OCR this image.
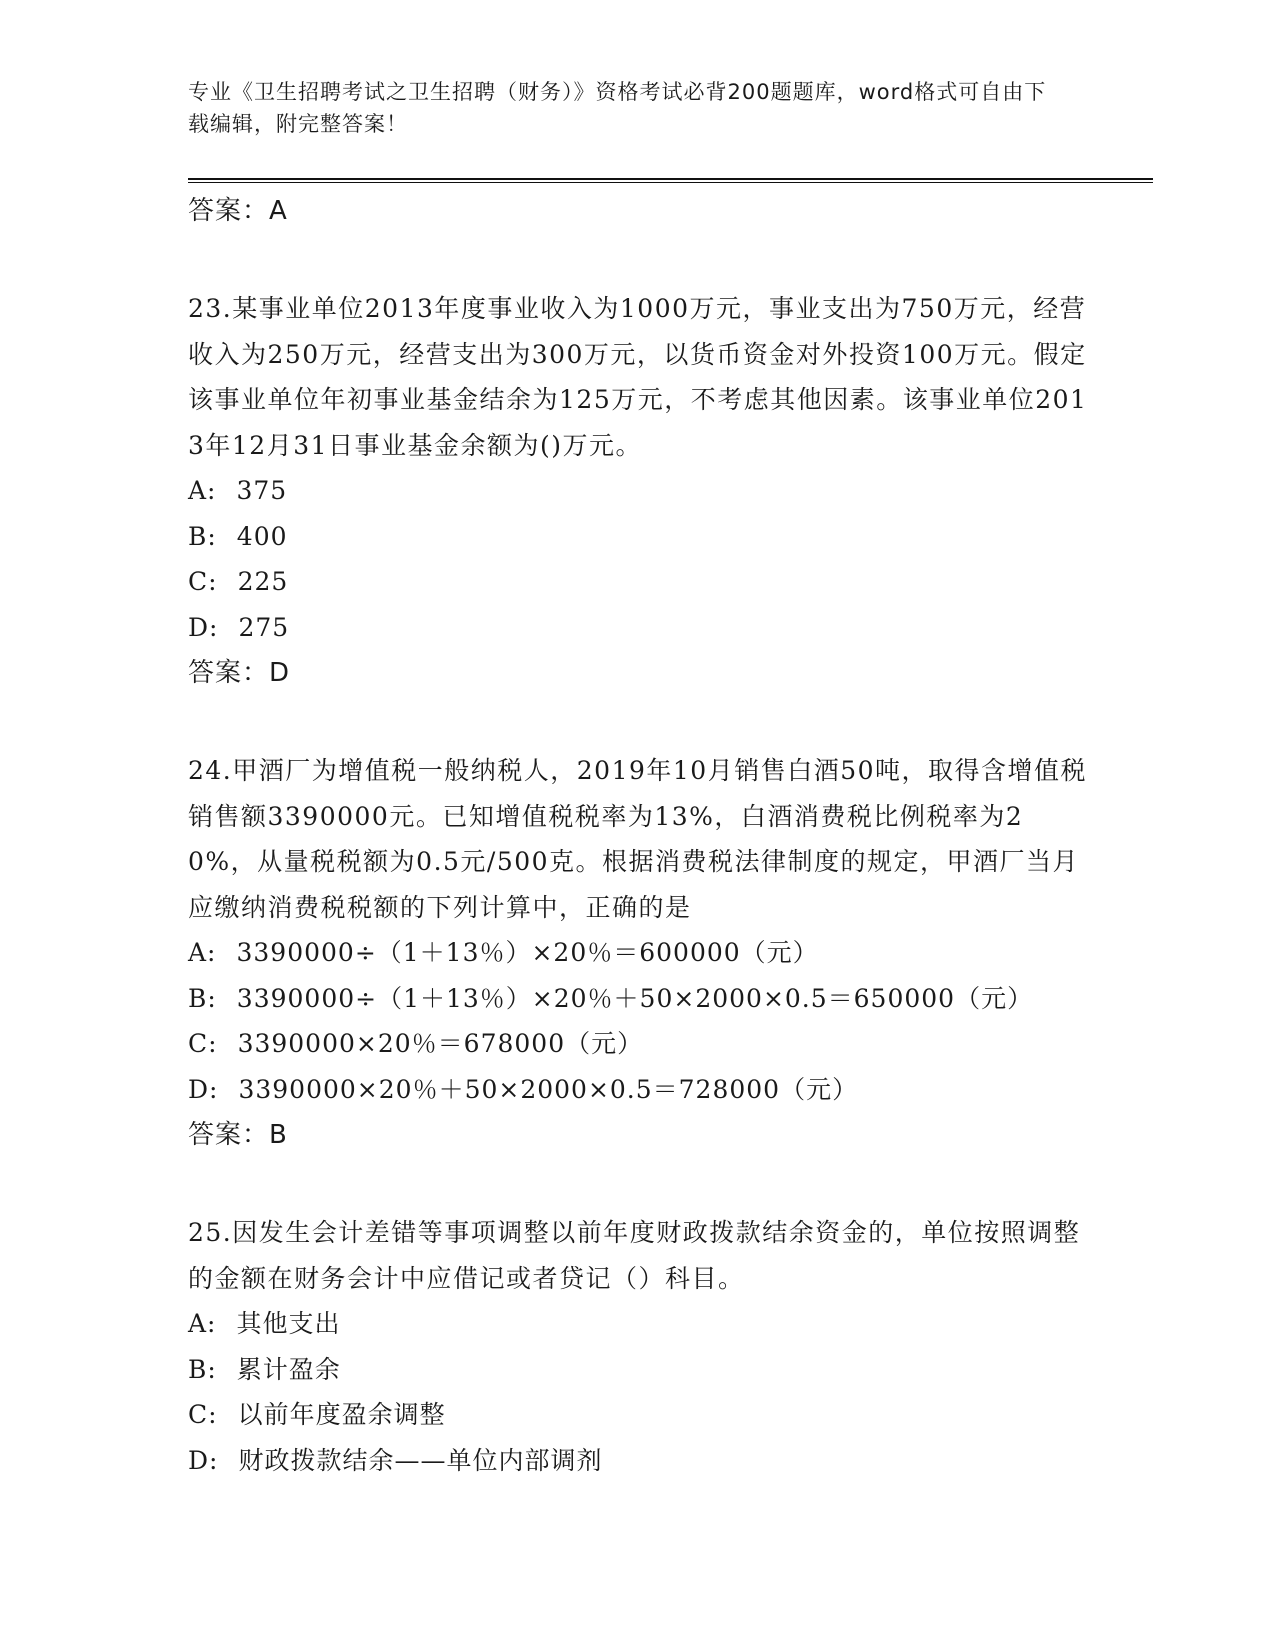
专业《卫生招聘考试之卫生招聘（财务）》资格考试必背200题题库，word格式可自由下载编辑，附完整答案！

答案：A

23.某事业单位2013年度事业收入为1000万元，事业支出为750万元，经营收入为250万元，经营支出为300万元，以货币资金对外投资100万元。假定该事业单位年初事业基金结余为125万元，不考虑其他因素。该事业单位2013年12月31日事业基金余额为()万元。

A: 375

B: 400

C: 225

D: 275

答案：D

24.甲酒厂为增值税一般纳税人，2019年10月销售白酒50吨，取得含增值税销售额3390000元。已知增值税税率为13%，白酒消费税比例税率为20%，从量税税额为0.5元/500克。根据消费税法律制度的规定，甲酒厂当月应缴纳消费税税额的下列计算中，正确的是

A: 3390000÷（1＋13％）×20％＝600000（元）

B: 3390000÷（1＋13％）×20％＋50×2000×0.5＝650000（元）

C: 3390000×20％＝678000（元）

D: 3390000×20％＋50×2000×0.5＝728000（元）

答案：B

25.因发生会计差错等事项调整以前年度财政拨款结余资金的，单位按照调整的金额在财务会计中应借记或者贷记（）科目。

A: 其他支出

B: 累计盈余

C: 以前年度盈余调整

D: 财政拨款结余——单位内部调剂
